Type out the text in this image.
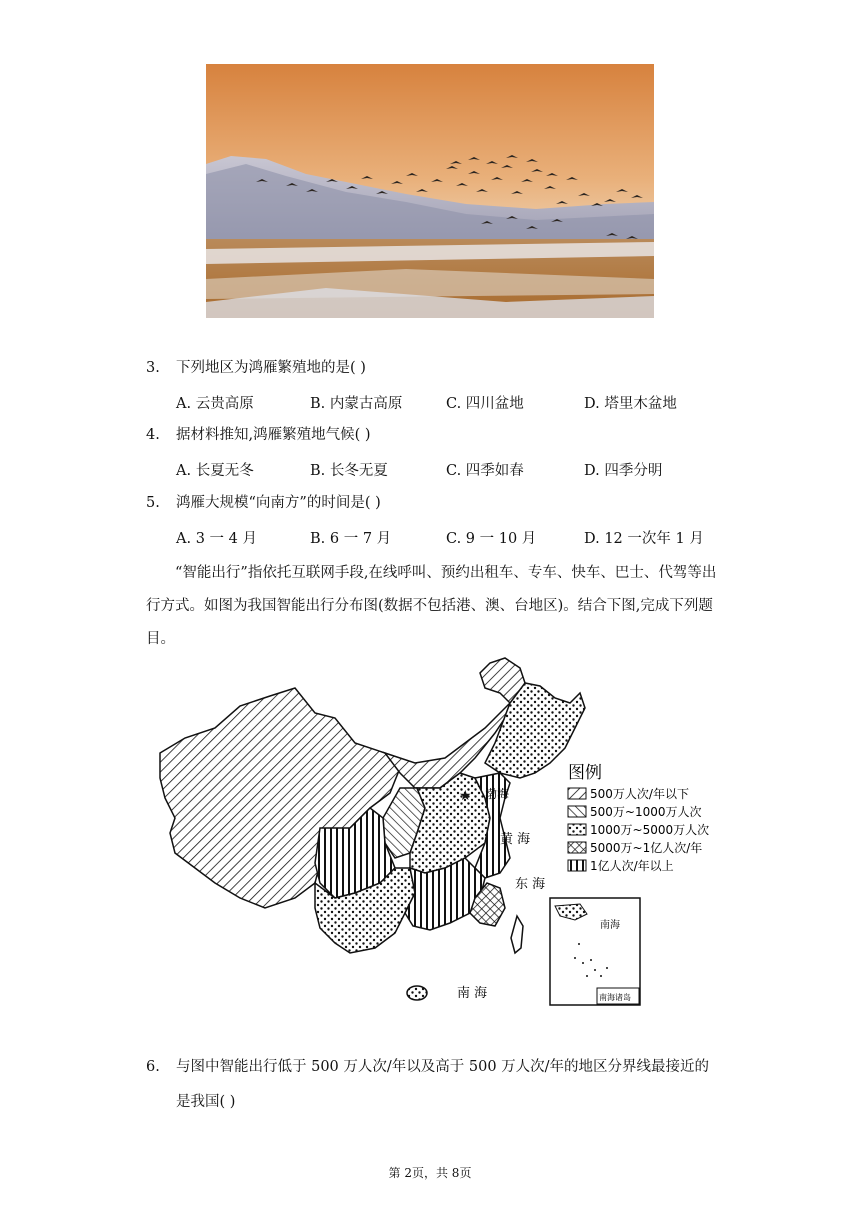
3. 下列地区为鸿雁繁殖地的是( )
A. 云贵高原	B. 内蒙古高原	C. 四川盆地	D. 塔里木盆地
4. 据材料推知,鸿雁繁殖地气候( )
A. 长夏无冬	B. 长冬无夏	C. 四季如春	D. 四季分明
5. 鸿雁大规模“向南方”的时间是( )
A. 3 一 4 月	B. 6 一 7 月	C. 9 一 10 月	D. 12 一次年 1 月
“智能出行”指依托互联网手段,在线呼叫、预约出租车、专车、快车、巴士、代驾等出行方式。如图为我国智能出行分布图(数据不包括港、澳、台地区)。结合下图,完成下列题目。
★ 渤海
黄 海
东 海
南 海
图例
500万人次/年以下
500万~1000万人次
1000万~5000万人次
5000万~1亿人次/年
1亿人次/年以上
南海
南海诸岛
6. 与图中智能出行低于 500 万人次/年以及高于 500 万人次/年的地区分界线最接近的
是我国( )
第 2页，共 8页
